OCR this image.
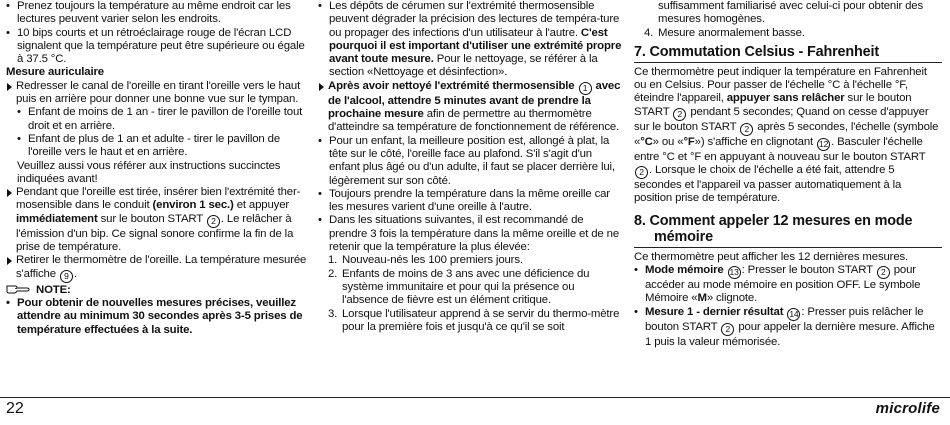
• Prenez toujours la température au même endroit car les lectures peuvent varier selon les endroits.
• 10 bips courts et un rétroéclairage rouge de l'écran LCD signalent que la température peut être supérieure ou égale à 37.5 °C.
Mesure auriculaire
Redresser le canal de l'oreille en tirant l'oreille vers le haut puis en arrière pour donner une bonne vue sur le tympan.
• Enfant de moins de 1 an - tirer le pavillon de l'oreille tout droit et en arrière.
• Enfant de plus de 1 an et adulte - tirer le pavillon de l'oreille vers le haut et en arrière.
Veuillez aussi vous référer aux instructions succinctes indiquées avant!
Pendant que l'oreille est tirée, insérer bien l'extrémité ther-mosensible dans le conduit (environ 1 sec.) et appuyer immédiatement sur le bouton START 2 . Le relâcher à l'émission d'un bip. Ce signal sonore confirme la fin de la prise de température.
Retirer le thermomètre de l'oreille. La température mesurée s'affiche 9 .
NOTE:
• Pour obtenir de nouvelles mesures précises, veuillez attendre au minimum 30 secondes après 3-5 prises de température effectuées à la suite.
• Les dépôts de cérumen sur l'extrémité thermosensible peuvent dégrader la précision des lectures de tempéra-ture ou propager des infections d'un utilisateur à l'autre. C'est pourquoi il est important d'utiliser une extrémité propre avant toute mesure. Pour le nettoyage, se référer à la section «Nettoyage et désinfection».
Après avoir nettoyé l'extrémité thermosensible 1 avec de l'alcool, attendre 5 minutes avant de prendre la prochaine mesure afin de permettre au thermomètre d'atteindre sa température de fonctionnement de référence.
• Pour un enfant, la meilleure position est, allongé à plat, la tête sur le côté, l'oreille face au plafond. S'il s'agit d'un enfant plus âgé ou d'un adulte, il faut se placer derrière lui, légèrement sur son côté.
• Toujours prendre la température dans la même oreille car les mesures varient d'une oreille à l'autre.
• Dans les situations suivantes, il est recommandé de prendre 3 fois la température dans la même oreille et de ne retenir que la température la plus élevée:
1. Nouveau-nés les 100 premiers jours.
2. Enfants de moins de 3 ans avec une déficience du système immunitaire et pour qui la présence ou l'absence de fièvre est un élément critique.
3. Lorsque l'utilisateur apprend à se servir du thermo-mètre pour la première fois et jusqu'à ce qu'il se soit
suffisamment familiarisé avec celui-ci pour obtenir des mesures homogènes.
4. Mesure anormalement basse.
7. Commutation Celsius - Fahrenheit
Ce thermomètre peut indiquer la température en Fahrenheit ou en Celsius. Pour passer de l'échelle °C à l'échelle °F, éteindre l'appareil, appuyer sans relâcher sur le bouton START 2 pendant 5 secondes; Quand on cesse d'appuyer sur le bouton START 2 après 5 secondes, l'échelle (symbole «°C» ou «°F») s'affiche en clignotant 12 . Basculer l'échelle entre °C et °F en appuyant à nouveau sur le bouton START 2 . Lorsque le choix de l'échelle a été fait, attendre 5 secondes et l'appareil va passer automatiquement à la position prise de température.
8. Comment appeler 12 mesures en mode
mémoire
Ce thermomètre peut afficher les 12 dernières mesures.
• Mode mémoire 13 : Presser le bouton START 2 pour accéder au mode mémoire en position OFF. Le symbole Mémoire «M» clignote.
• Mesure 1 - dernier résultat 14 : Presser puis relâcher le bouton START 2 pour appeler la dernière mesure. Affiche 1 puis la valeur mémorisée.
22	microlife
